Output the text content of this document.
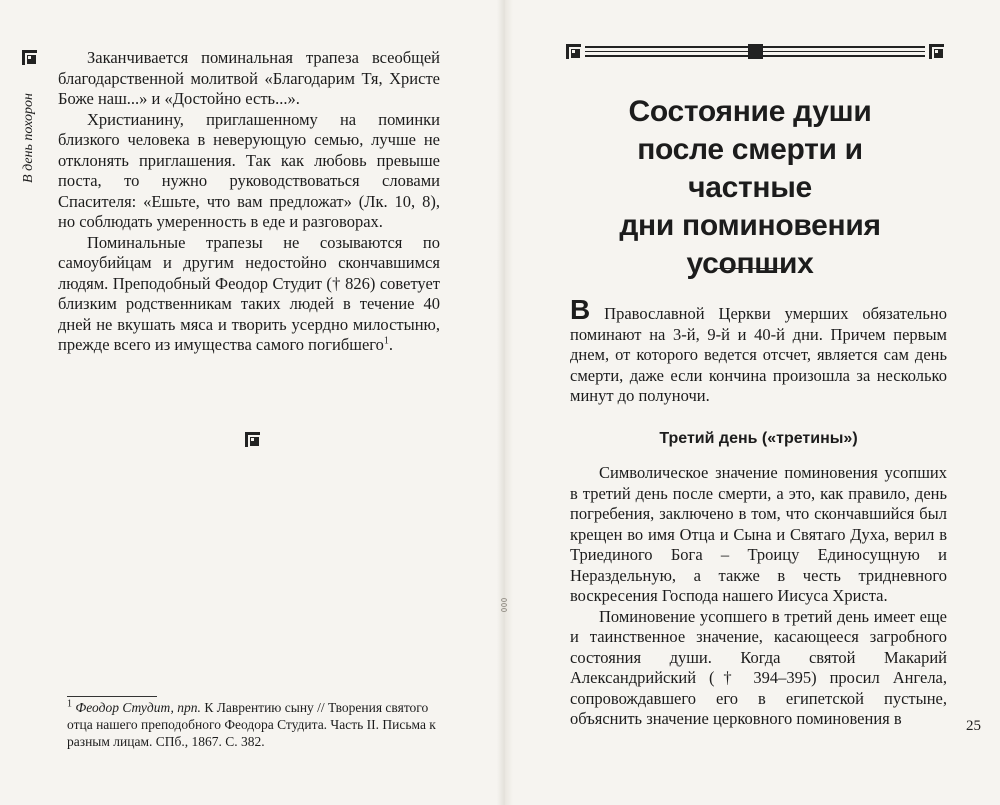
В день похорон

Заканчивается поминальная трапеза всеобщей благодарственной молитвой «Благодарим Тя, Христе Боже наш...» и «Достойно есть...».

Христианину, приглашенному на поминки близкого человека в неверующую семью, лучше не отклонять приглашения. Так как любовь превыше поста, то нужно руководствоваться словами Спасителя: «Ешьте, что вам предложат» (Лк. 10, 8), но соблюдать умеренность в еде и разговорах.

Поминальные трапезы не созываются по самоубийцам и другим недостойно скончавшимся людям. Преподобный Феодор Студит († 826) советует близким родственникам таких людей в течение 40 дней не вкушать мяса и творить усердно милостыню, прежде всего из имущества самого погибшего$^1$.

$^1$ Феодор Студит, прп. К Лаврентию сыну // Творения святого отца нашего преподобного Феодора Студита. Часть II. Письма к разным лицам. СПб., 1867. С. 382.
Состояние души
после смерти и частные
дни поминовения
усопших

В Православной Церкви умерших обязательно поминают на 3-й, 9-й и 40-й дни. Причем первым днем, от которого ведется отсчет, является сам день смерти, даже если кончина произошла за несколько минут до полуночи.

Третий день («третины»)

Символическое значение поминовения усопших в третий день после смерти, а это, как правило, день погребения, заключено в том, что скончавшийся был крещен во имя Отца и Сына и Святаго Духа, верил в Триединого Бога – Троицу Единосущную и Нераздельную, а также в честь тридневного воскресения Господа нашего Иисуса Христа.

Поминовение усопшего в третий день имеет еще и таинственное значение, касающееся загробного состояния души. Когда святой Макарий Александрийский († 394–395) просил Ангела, сопровождавшего его в египетской пустыне, объяснить значение церковного поминовения в	25
